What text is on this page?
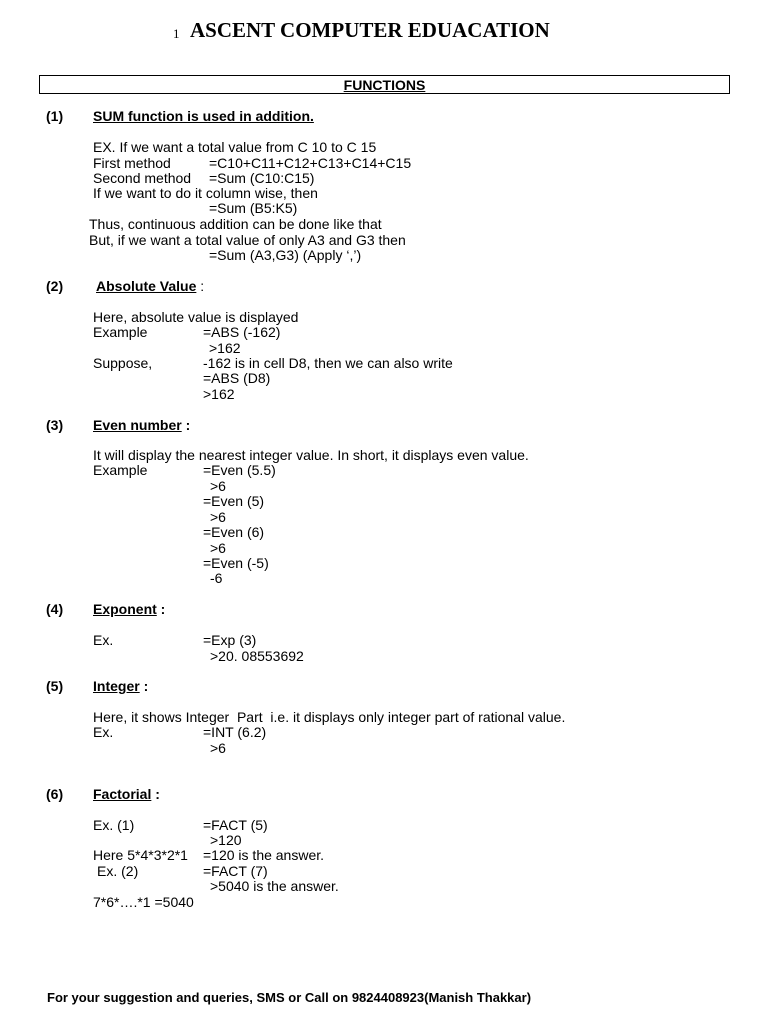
1 ASCENT COMPUTER EDUACATION
FUNCTIONS
(1) SUM function is used in addition.
EX. If we want a total value from C 10 to C 15
First method	=C10+C11+C12+C13+C14+C15
Second method =Sum (C10:C15)
If we want to do it column wise, then
=Sum (B5:K5)
Thus, continuous addition can be done like that
But, if we want a total value of only A3 and G3 then
=Sum (A3,G3) (Apply ‘,’)
(2) Absolute Value :
Here, absolute value is displayed
Example	=ABS (-162)
>162
Suppose,	-162 is in cell D8, then we can also write
=ABS (D8)
>162
(3) Even number :
It will display the nearest integer value. In short, it displays even value.
Example	=Even (5.5)
>6
=Even (5)
>6
=Even (6)
>6
=Even (-5)
-6
(4) Exponent :
Ex.	=Exp (3)
>20. 08553692
(5) Integer :
Here, it shows Integer  Part  i.e. it displays only integer part of rational value.
Ex.	=INT (6.2)
>6
(6) Factorial :
Ex. (1)	=FACT (5)
>120
Here 5*4*3*2*1 =120 is the answer.
Ex. (2)	=FACT (7)
>5040 is the answer.
7*6*….*1 =5040
For your suggestion and queries, SMS or Call on 9824408923(Manish Thakkar)
